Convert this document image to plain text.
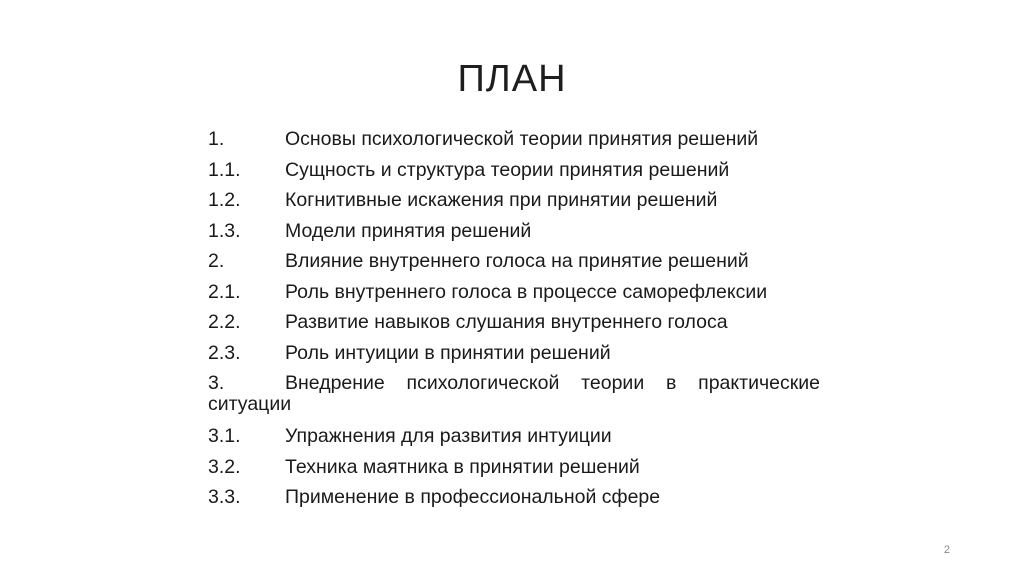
ПЛАН
1.	Основы психологической теории принятия решений
1.1.	Сущность и структура теории принятия решений
1.2.	Когнитивные искажения при принятии решений
1.3.	Модели принятия решений
2.	Влияние внутреннего голоса на принятие решений
2.1.	Роль внутреннего голоса в процессе саморефлексии
2.2.	Развитие навыков слушания внутреннего голоса
2.3.	Роль интуиции в принятии решений
3.	Внедрение психологической теории в практические
ситуации
3.1.	Упражнения для развития интуиции
3.2.	Техника маятника в принятии решений
3.3.	Применение в профессиональной сфере
2
